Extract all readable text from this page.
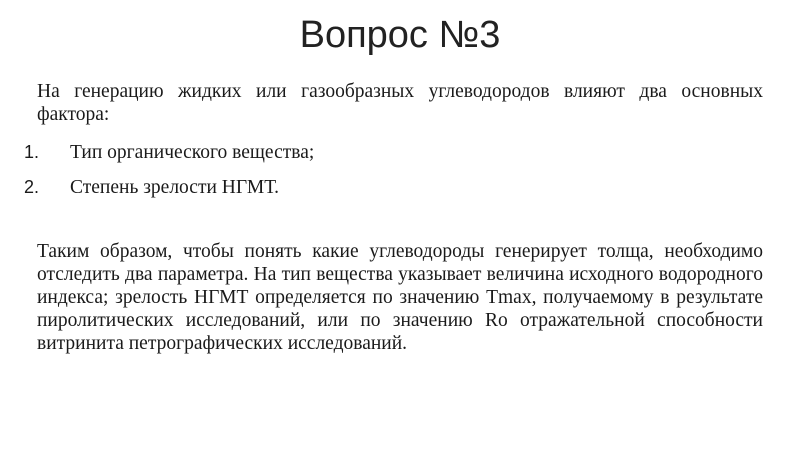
Вопрос №3
На генерацию жидких или газообразных углеводородов влияют два основных фактора:
1. Тип органического вещества;
2. Степень зрелости НГМТ.
Таким образом, чтобы понять какие углеводороды генерирует толща, необходимо отследить два параметра. На тип вещества указывает величина исходного водородного индекса; зрелость НГМТ определяется по значению Tmax, получаемому в результате пиролитических исследований, или по значению Ro отражательной способности витринита петрографических исследований.
